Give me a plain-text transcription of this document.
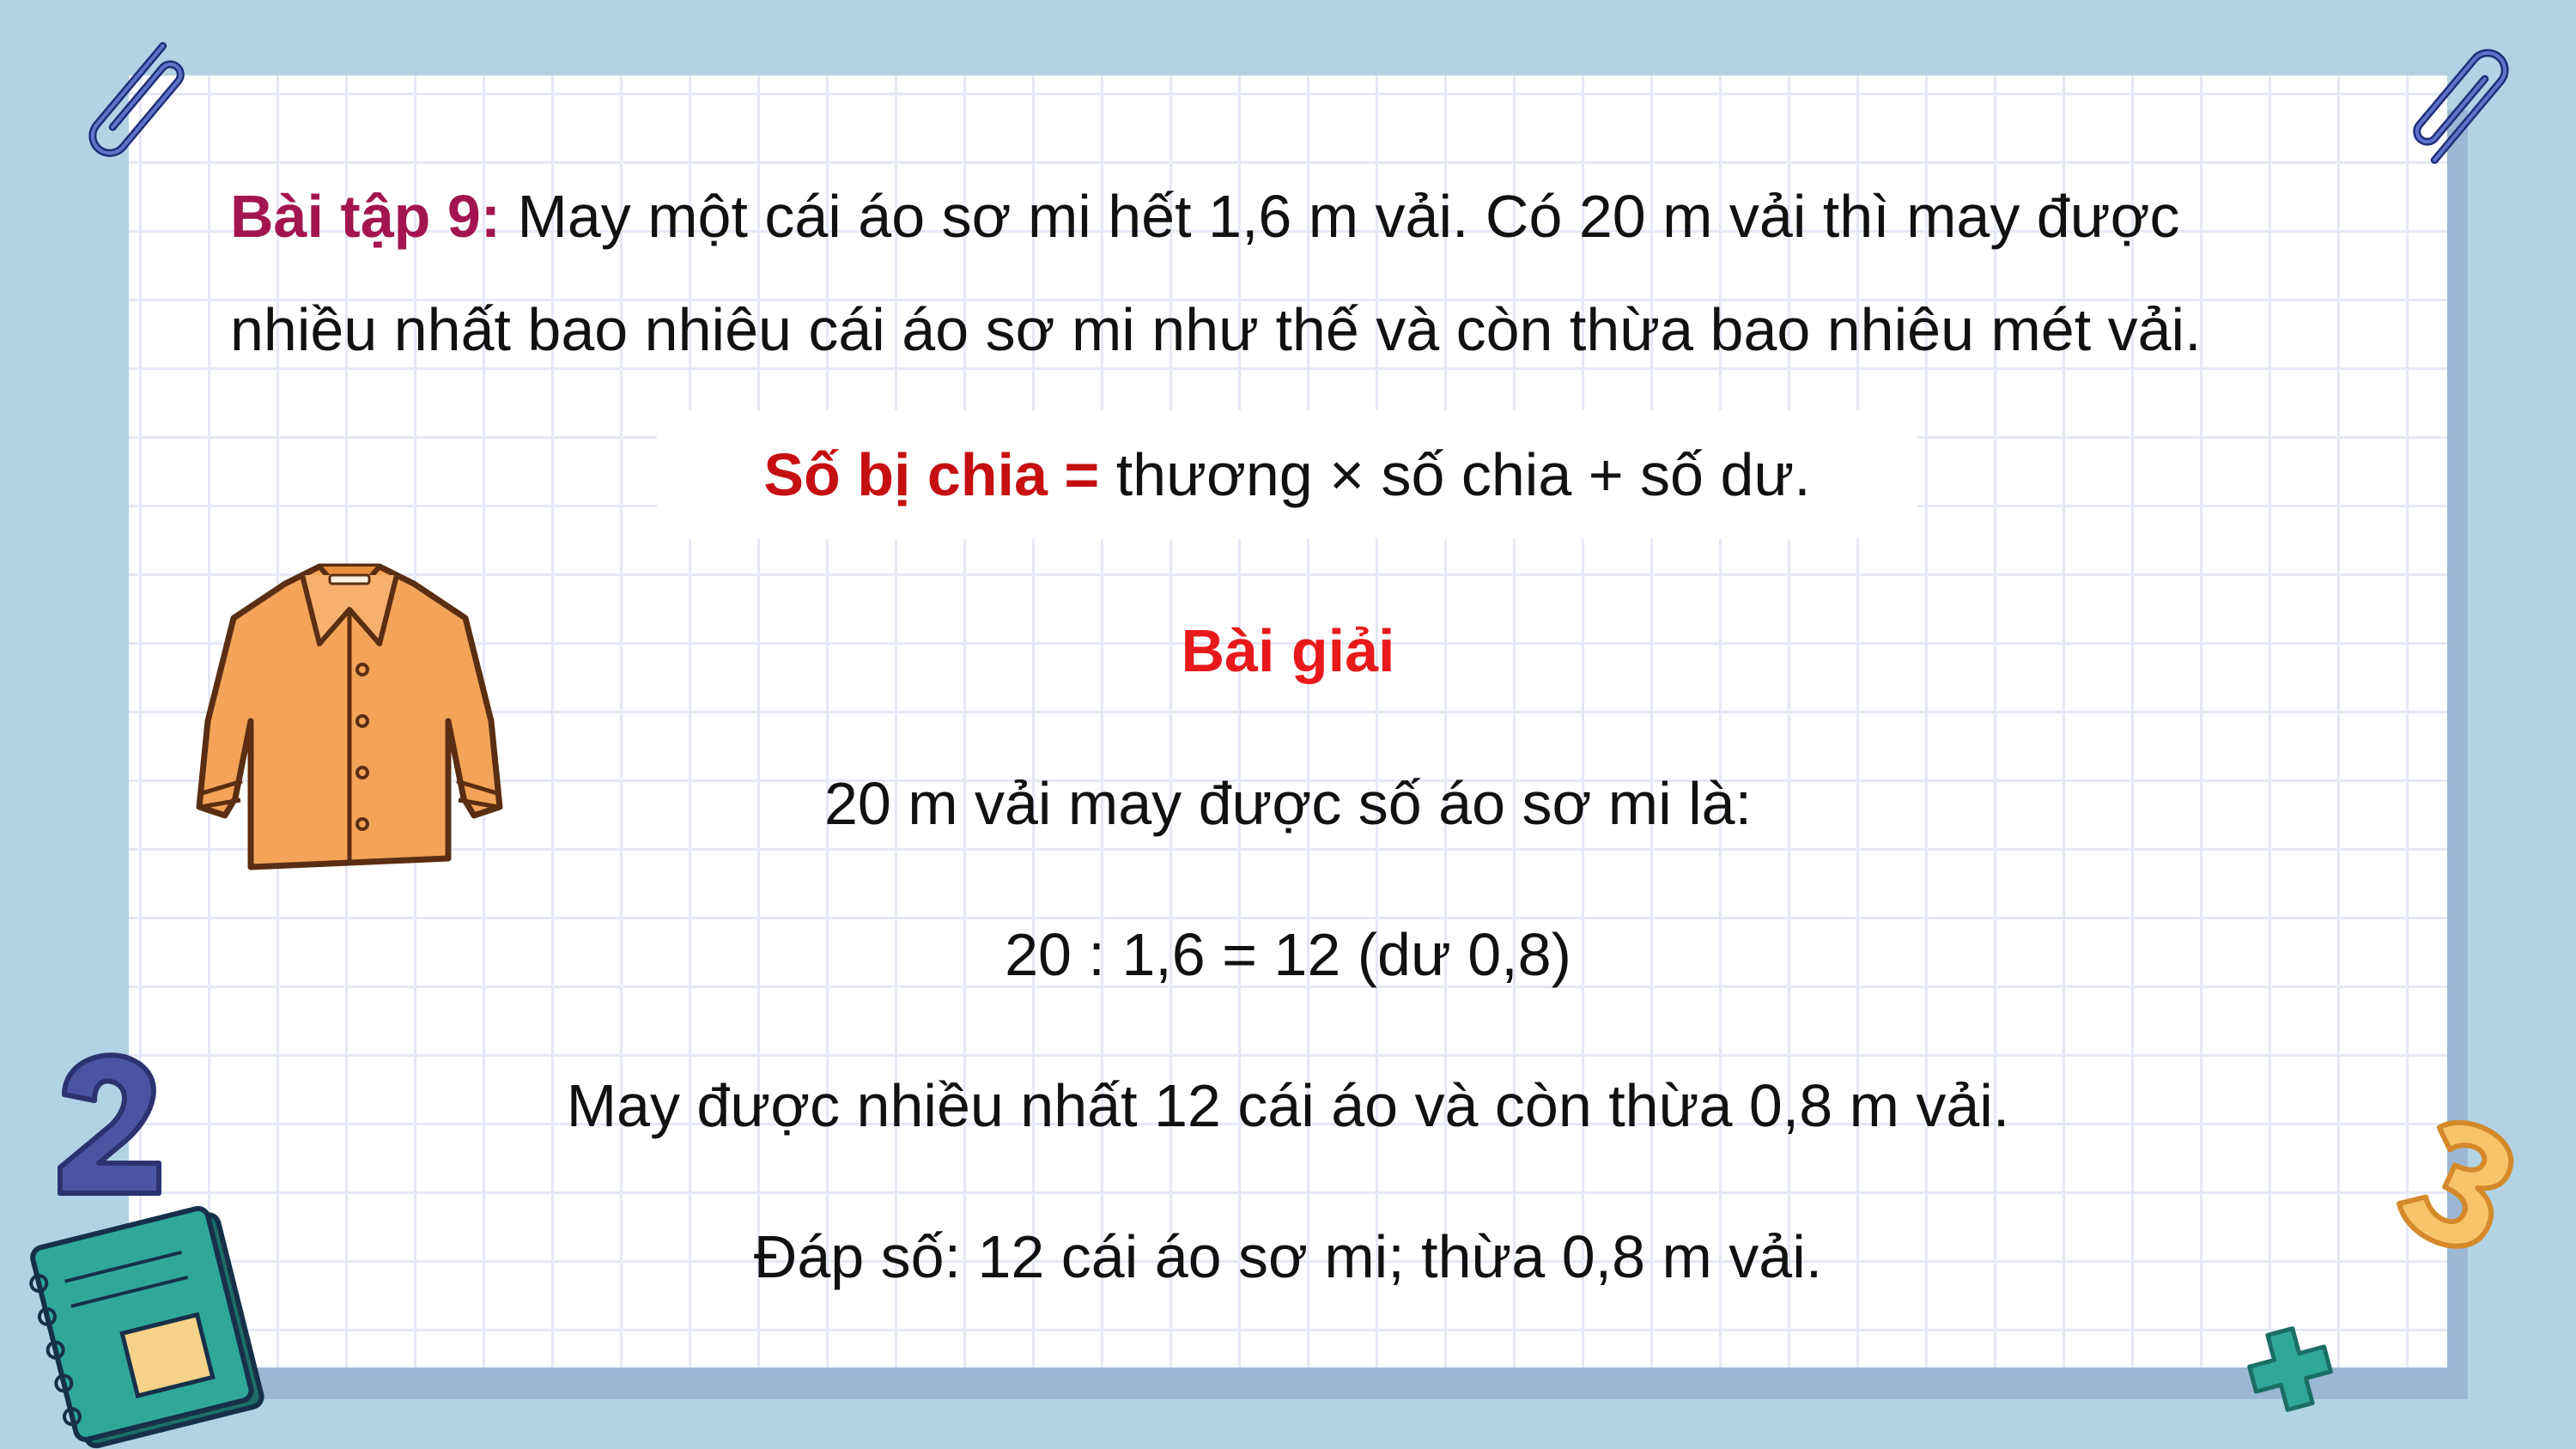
Bài tập 9: May một cái áo sơ mi hết 1,6 m vải. Có 20 m vải thì may được
nhiều nhất bao nhiêu cái áo sơ mi như thế và còn thừa bao nhiêu mét vải.
Số bị chia = thương × số chia + số dư.
Bài giải
20 m vải may được số áo sơ mi là:
20 : 1,6 = 12 (dư 0,8)
May được nhiều nhất 12 cái áo và còn thừa 0,8 m vải.
Đáp số: 12 cái áo sơ mi; thừa 0,8 m vải.
